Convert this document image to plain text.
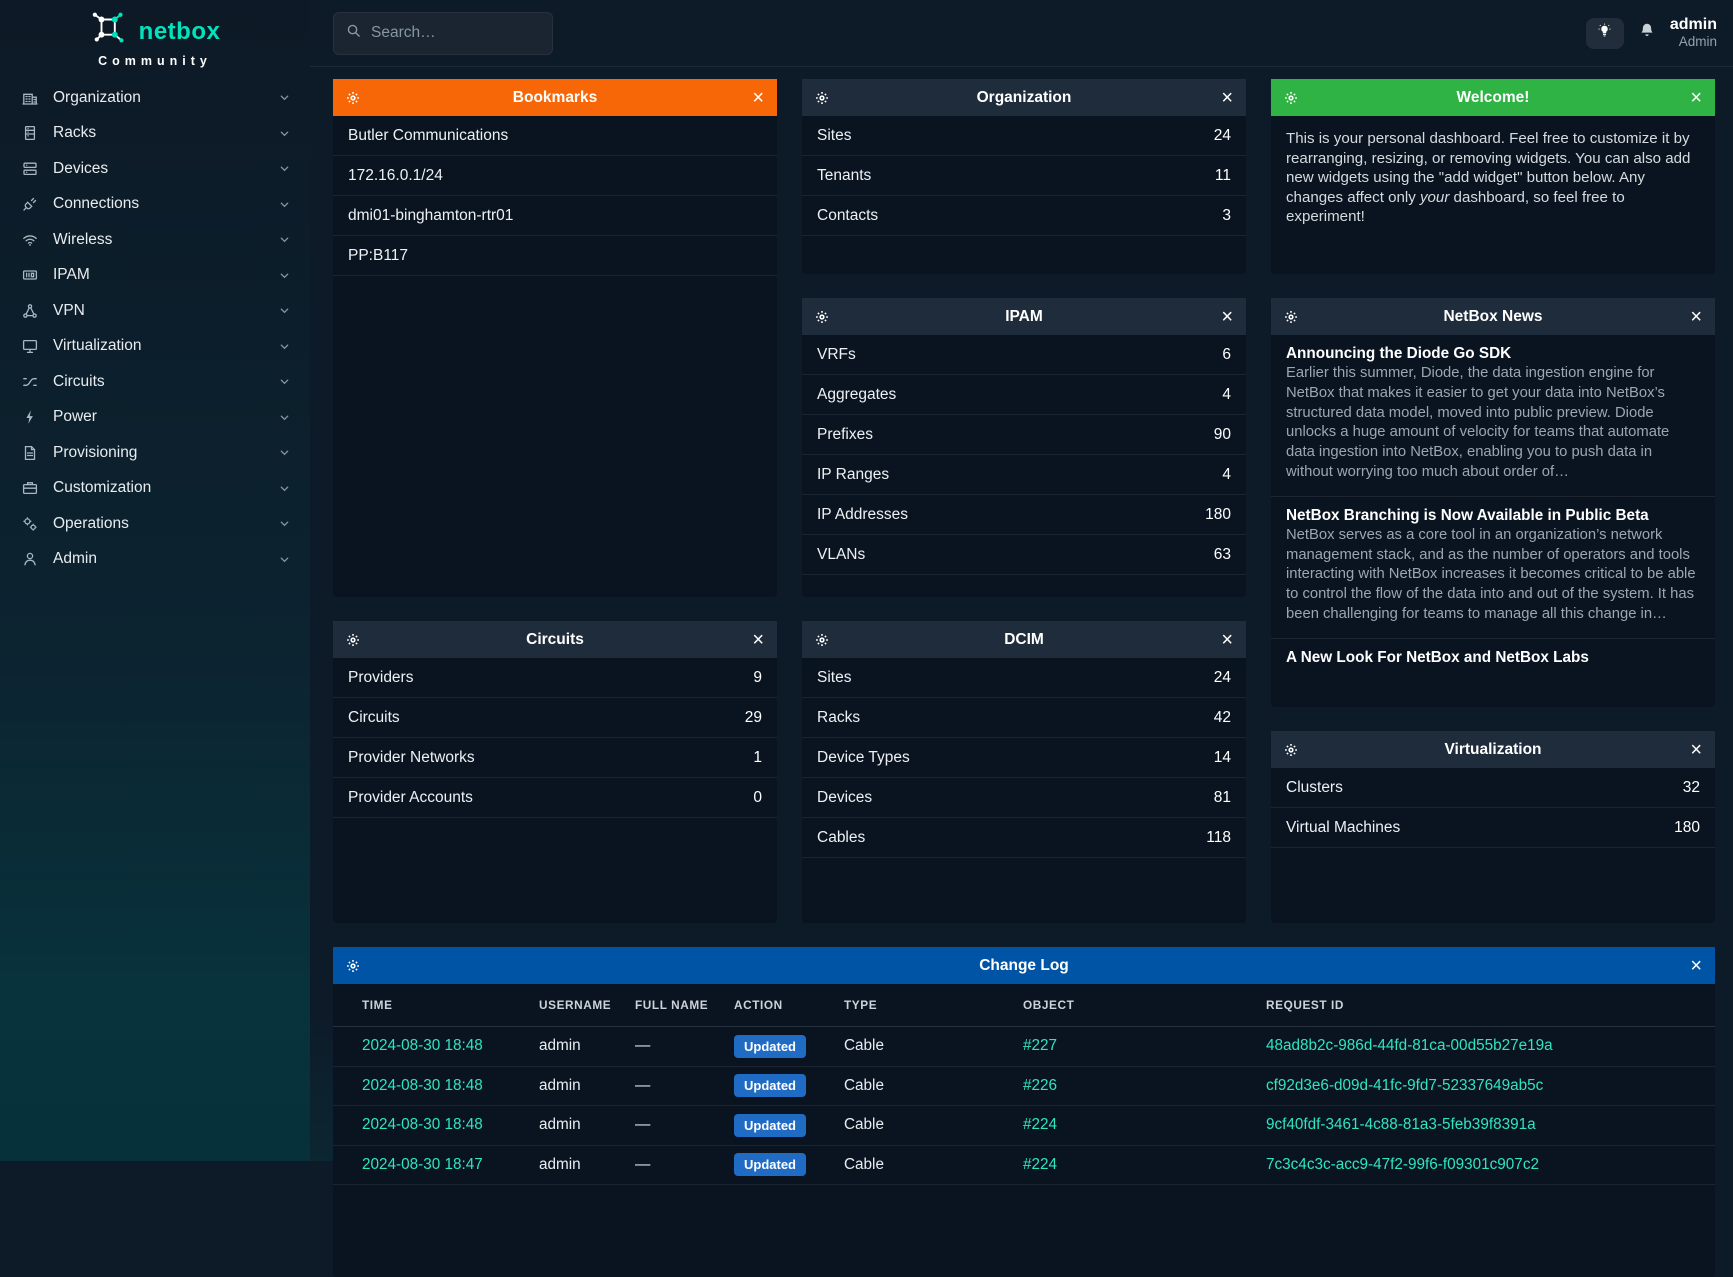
netbox
Community
Organization
Racks
Devices
Connections
Wireless
IPAM
VPN
Virtualization
Circuits
Power
Provisioning
Customization
Operations
Admin
Search…
admin
Admin
Bookmarks
×
Butler Communications
172.16.0.1/24
dmi01-binghamton-rtr01
PP:B117
Circuits
×
Providers	9
Circuits	29
Provider Networks	1
Provider Accounts	0
Organization
×
Sites	24
Tenants	11
Contacts	3
IPAM
×
VRFs	6
Aggregates	4
Prefixes	90
IP Ranges	4
IP Addresses	180
VLANs	63
DCIM
×
Sites	24
Racks	42
Device Types	14
Devices	81
Cables	118
Welcome!
×
This is your personal dashboard. Feel free to customize it by rearranging, resizing, or removing widgets. You can also add new widgets using the "add widget" button below. Any changes affect only your dashboard, so feel free to experiment!
NetBox News
×
Announcing the Diode Go SDK
Earlier this summer, Diode, the data ingestion engine for NetBox that makes it easier to get your data into NetBox’s structured data model, moved into public preview. Diode unlocks a huge amount of velocity for teams that automate data ingestion into NetBox, enabling you to push data in without worrying too much about order of…
NetBox Branching is Now Available in Public Beta
NetBox serves as a core tool in an organization’s network management stack, and as the number of operators and tools interacting with NetBox increases it becomes critical to be able to control the flow of the data into and out of the system. It has been challenging for teams to manage all this change in…
A New Look For NetBox and NetBox Labs
Virtualization
×
Clusters	32
Virtual Machines	180
Change Log
×
TIME	USERNAME	FULL NAME	ACTION	TYPE	OBJECT	REQUEST ID
2024-08-30 18:48	admin	—	Updated	Cable	#227	48ad8b2c-986d-44fd-81ca-00d55b27e19a
2024-08-30 18:48	admin	—	Updated	Cable	#226	cf92d3e6-d09d-41fc-9fd7-52337649ab5c
2024-08-30 18:48	admin	—	Updated	Cable	#224	9cf40fdf-3461-4c88-81a3-5feb39f8391a
2024-08-30 18:47	admin	—	Updated	Cable	#224	7c3c4c3c-acc9-47f2-99f6-f09301c907c2
